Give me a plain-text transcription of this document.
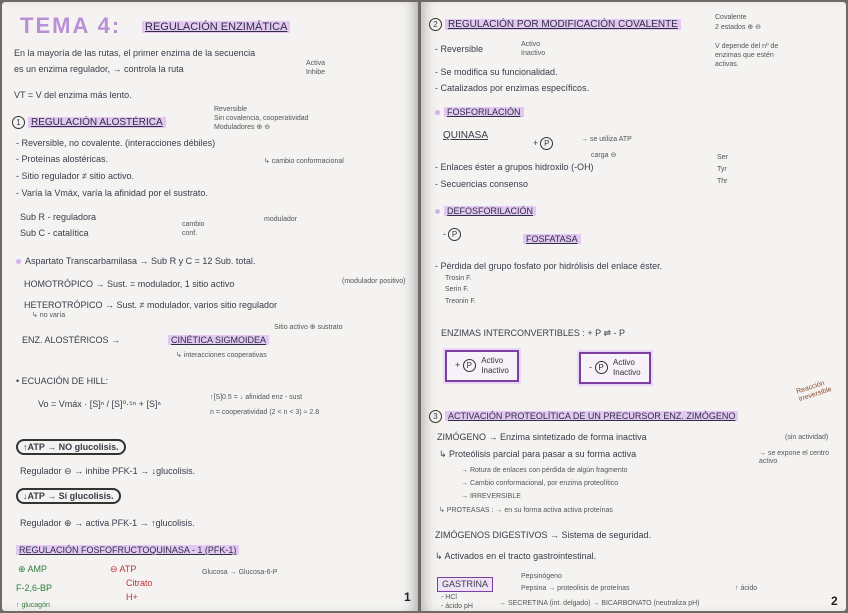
TEMA 4: REGULACIÓN ENZIMÁTICA
En la mayoría de las rutas, el primer enzima de la secuencia
es un enzima regulador, → controla la ruta
Activa
Inhibe
VT = V del enzima más lento.
1 REGULACIÓN ALOSTÉRICA
Reversible
Sin covalencia, cooperatividad
Moduladores ⊕ ⊖
- Reversible, no covalente. (interacciones débiles)
- Proteínas alostéricas.	↳ cambio conformacional
- Sitio regulador ≠ sitio activo.
- Varía la Vmáx, varía la afinidad por el sustrato.
Sub R - reguladora
Sub C - catalítica
cambio
conf.
modulador
Aspartato Transcarbamilasa → Sub R y C = 12 Sub. total.
HOMOTRÓPICO → Sust. = modulador, 1 sitio activo	(modulador positivo)
HETEROTRÓPICO → Sust. ≠ modulador, varios sitio regulador
↳ no varía
Sitio activo ⊕ sustrato
ENZ. ALOSTÉRICOS →	CINÉTICA SIGMOIDEA
↳ interacciones cooperativas
• ECUACIÓN DE HILL:
Vo = Vmáx · [S]ⁿ / [S]⁰·⁵ⁿ + [S]ⁿ
↑[S]0.5 = ↓ afinidad enz - sust
n = cooperatividad (2 < n < 3) ≈ 2.8
↑ATP → NO glucolisis.
Regulador ⊖ → inhibe PFK-1 → ↓glucolisis.
↓ATP → Sí glucolisis.
Regulador ⊕ → activa PFK-1 → ↑glucolisis.
REGULACIÓN FOSFOFRUCTOQUINASA - 1 (PFK-1)
⊕ AMP
F-2,6-BP
↑ glucagón
⊖ ATP
Citrato
H+
Glucosa → Glucosa-6-P
1
2 REGULACIÓN POR MODIFICACIÓN COVALENTE
Covalente
2 estados ⊕ ⊖
V depende del nº de
enzimas que estén
activas.
- Reversible	Activo
Inactivo
- Se modifica su funcionalidad.
- Catalizados por enzimas específicos.
FOSFORILACIÓN
QUINASA
+ P	→ se utiliza ATP
carga ⊖
- Enlaces éster a grupos hidroxilo (-OH)
Ser
Tyr
Thr
- Secuencias consenso
DEFOSFORILACIÓN
- P	FOSFATASA
- Pérdida del grupo fosfato por hidrólisis del enlace éster.
Trosin F.
Serin F.
Treonin F.
ENZIMAS INTERCONVERTIBLES : + P ⇌ - P
+ P Activo
Inactivo	- P Activo
Inactivo
Reacción irreversible
3 ACTIVACIÓN PROTEOLÍTICA DE UN PRECURSOR ENZ. ZIMÓGENO
ZIMÓGENO → Enzima sintetizado de forma inactiva	(sin actividad)
↳ Proteólisis parcial para pasar a su forma activa	→ se expone el centro activo
→ Rotura de enlaces con pérdida de algún fragmento
→ Cambio conformacional, por enzima proteolítico
→ IRREVERSIBLE
↳ PROTEASAS : → en su forma activa activa proteínas
ZIMÓGENOS DIGESTIVOS → Sistema de seguridad.
↳ Activados en el tracto gastrointestinal.
GASTRINA
Pepsinógeno
Pepsina → proteolisis de proteínas	↑ ácido
- HCl
- ácido pH	→ SECRETINA (int. delgado) → BICARBONATO (neutraliza pH)	2
